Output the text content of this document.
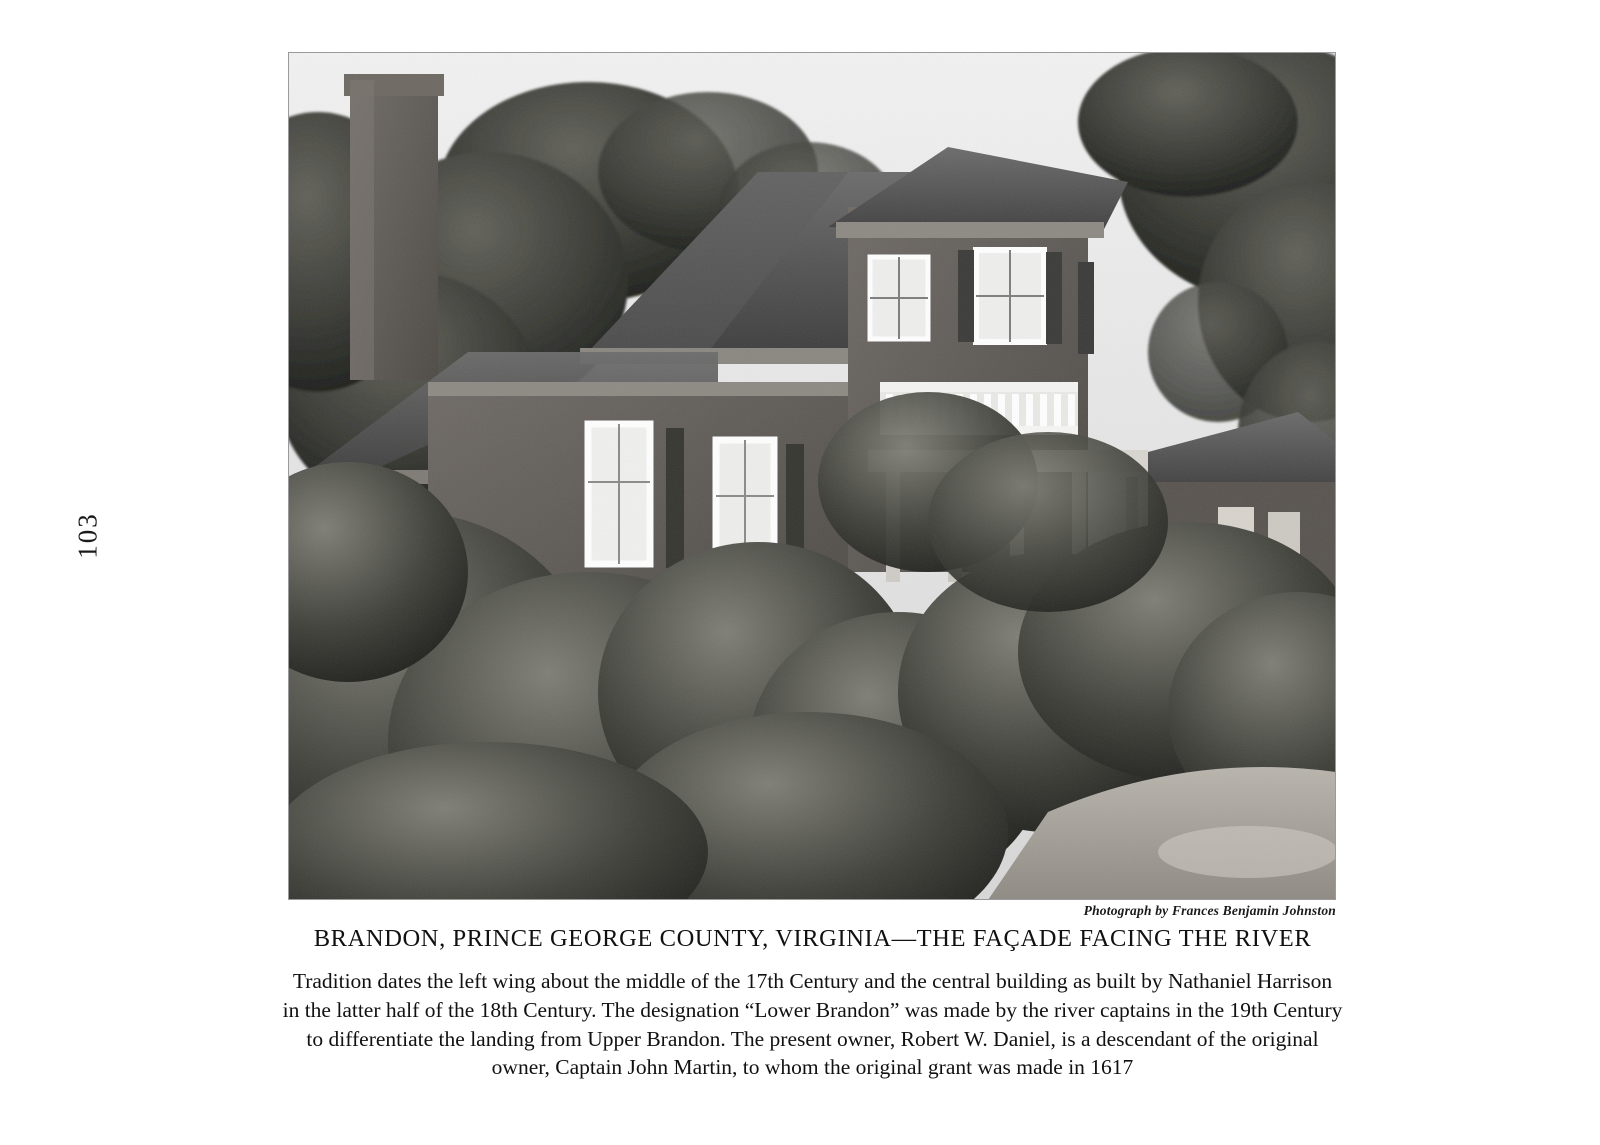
103
Photograph by Frances Benjamin Johnston
BRANDON, PRINCE GEORGE COUNTY, VIRGINIA—THE FAÇADE FACING THE RIVER
Tradition dates the left wing about the middle of the 17th Century and the central building as built by Nathaniel Harrison
in the latter half of the 18th Century. The designation “Lower Brandon” was made by the river captains in the 19th Century
to differentiate the landing from Upper Brandon. The present owner, Robert W. Daniel, is a descendant of the original
owner, Captain John Martin, to whom the original grant was made in 1617
